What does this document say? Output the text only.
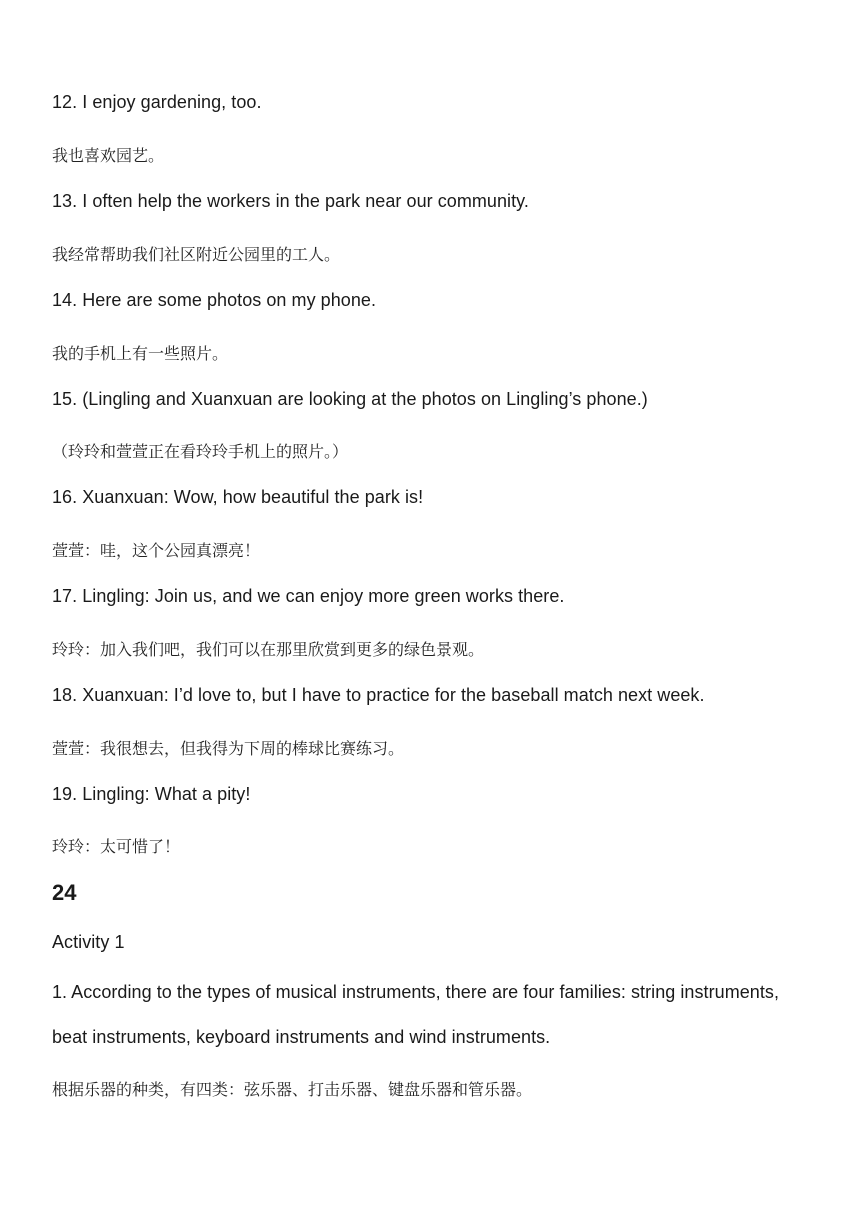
12. I enjoy gardening, too.
我也喜欢园艺。
13. I often help the workers in the park near our community.
我经常帮助我们社区附近公园里的工人。
14. Here are some photos on my phone.
我的手机上有一些照片。
15. (Lingling and Xuanxuan are looking at the photos on Lingling’s phone.)
（玲玲和萱萱正在看玲玲手机上的照片。）
16. Xuanxuan: Wow, how beautiful the park is!
萱萱：哇，这个公园真漂亮！
17. Lingling: Join us, and we can enjoy more green works there.
玲玲：加入我们吧，我们可以在那里欣赏到更多的绿色景观。
18. Xuanxuan: I’d love to, but I have to practice for the baseball match next week.
萱萱：我很想去，但我得为下周的棒球比赛练习。
19. Lingling: What a pity!
玲玲：太可惜了！
24
Activity 1
1. According to the types of musical instruments, there are four families: string instruments,
beat instruments, keyboard instruments and wind instruments.
根据乐器的种类，有四类：弦乐器、打击乐器、键盘乐器和管乐器。
